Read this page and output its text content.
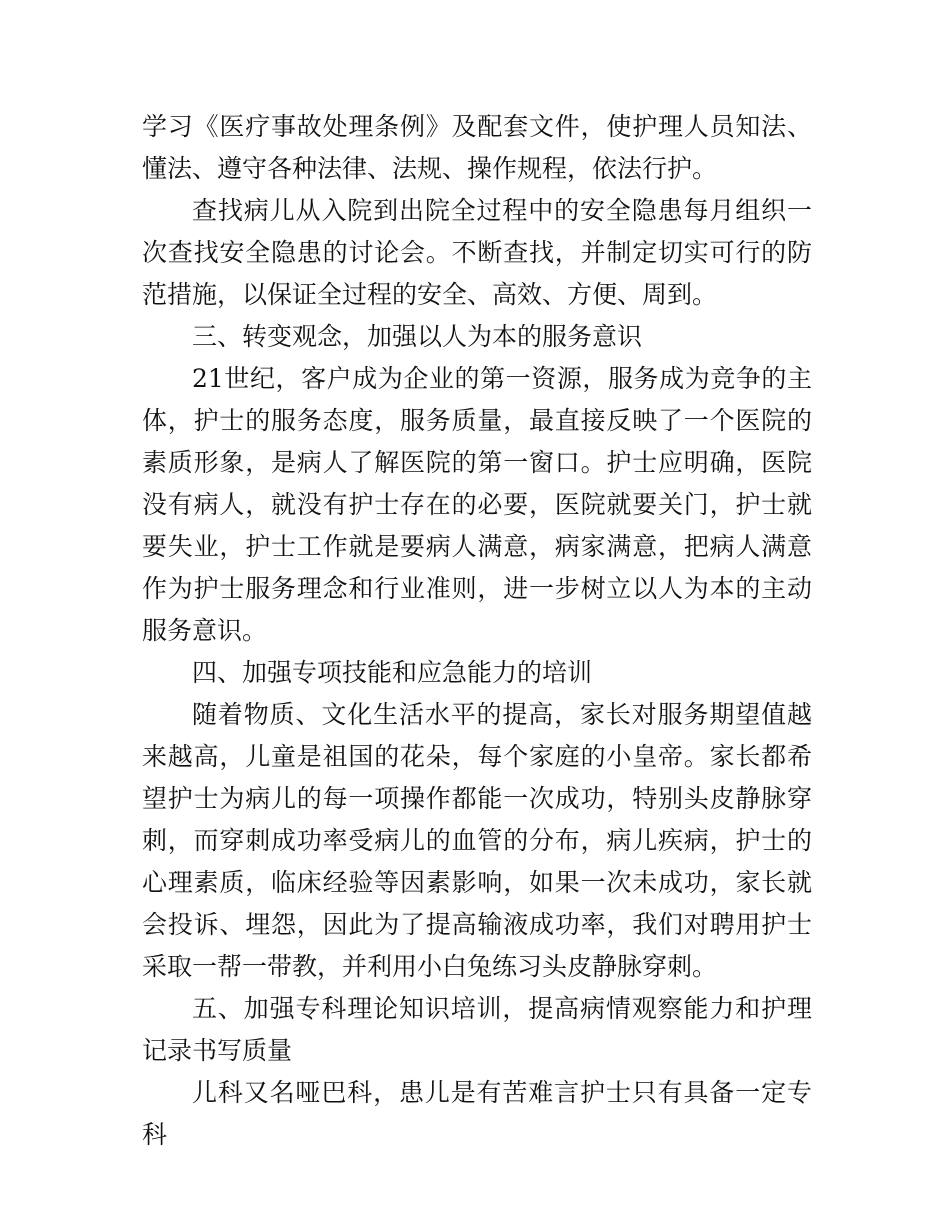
学习《医疗事故处理条例》及配套文件，使护理人员知法、懂法、遵守各种法律、法规、操作规程，依法行护。

查找病儿从入院到出院全过程中的安全隐患每月组织一次查找安全隐患的讨论会。不断查找，并制定切实可行的防范措施，以保证全过程的安全、高效、方便、周到。

三、转变观念，加强以人为本的服务意识

21世纪，客户成为企业的第一资源，服务成为竞争的主体，护士的服务态度，服务质量，最直接反映了一个医院的素质形象，是病人了解医院的第一窗口。护士应明确，医院没有病人，就没有护士存在的必要，医院就要关门，护士就要失业，护士工作就是要病人满意，病家满意，把病人满意作为护士服务理念和行业准则，进一步树立以人为本的主动服务意识。

四、加强专项技能和应急能力的培训

随着物质、文化生活水平的提高，家长对服务期望值越来越高，儿童是祖国的花朵，每个家庭的小皇帝。家长都希望护士为病儿的每一项操作都能一次成功，特别头皮静脉穿刺，而穿刺成功率受病儿的血管的分布，病儿疾病，护士的心理素质，临床经验等因素影响，如果一次未成功，家长就会投诉、埋怨，因此为了提高输液成功率，我们对聘用护士采取一帮一带教，并利用小白兔练习头皮静脉穿刺。

五、加强专科理论知识培训，提高病情观察能力和护理记录书写质量

儿科又名哑巴科，患儿是有苦难言护士只有具备一定专科
